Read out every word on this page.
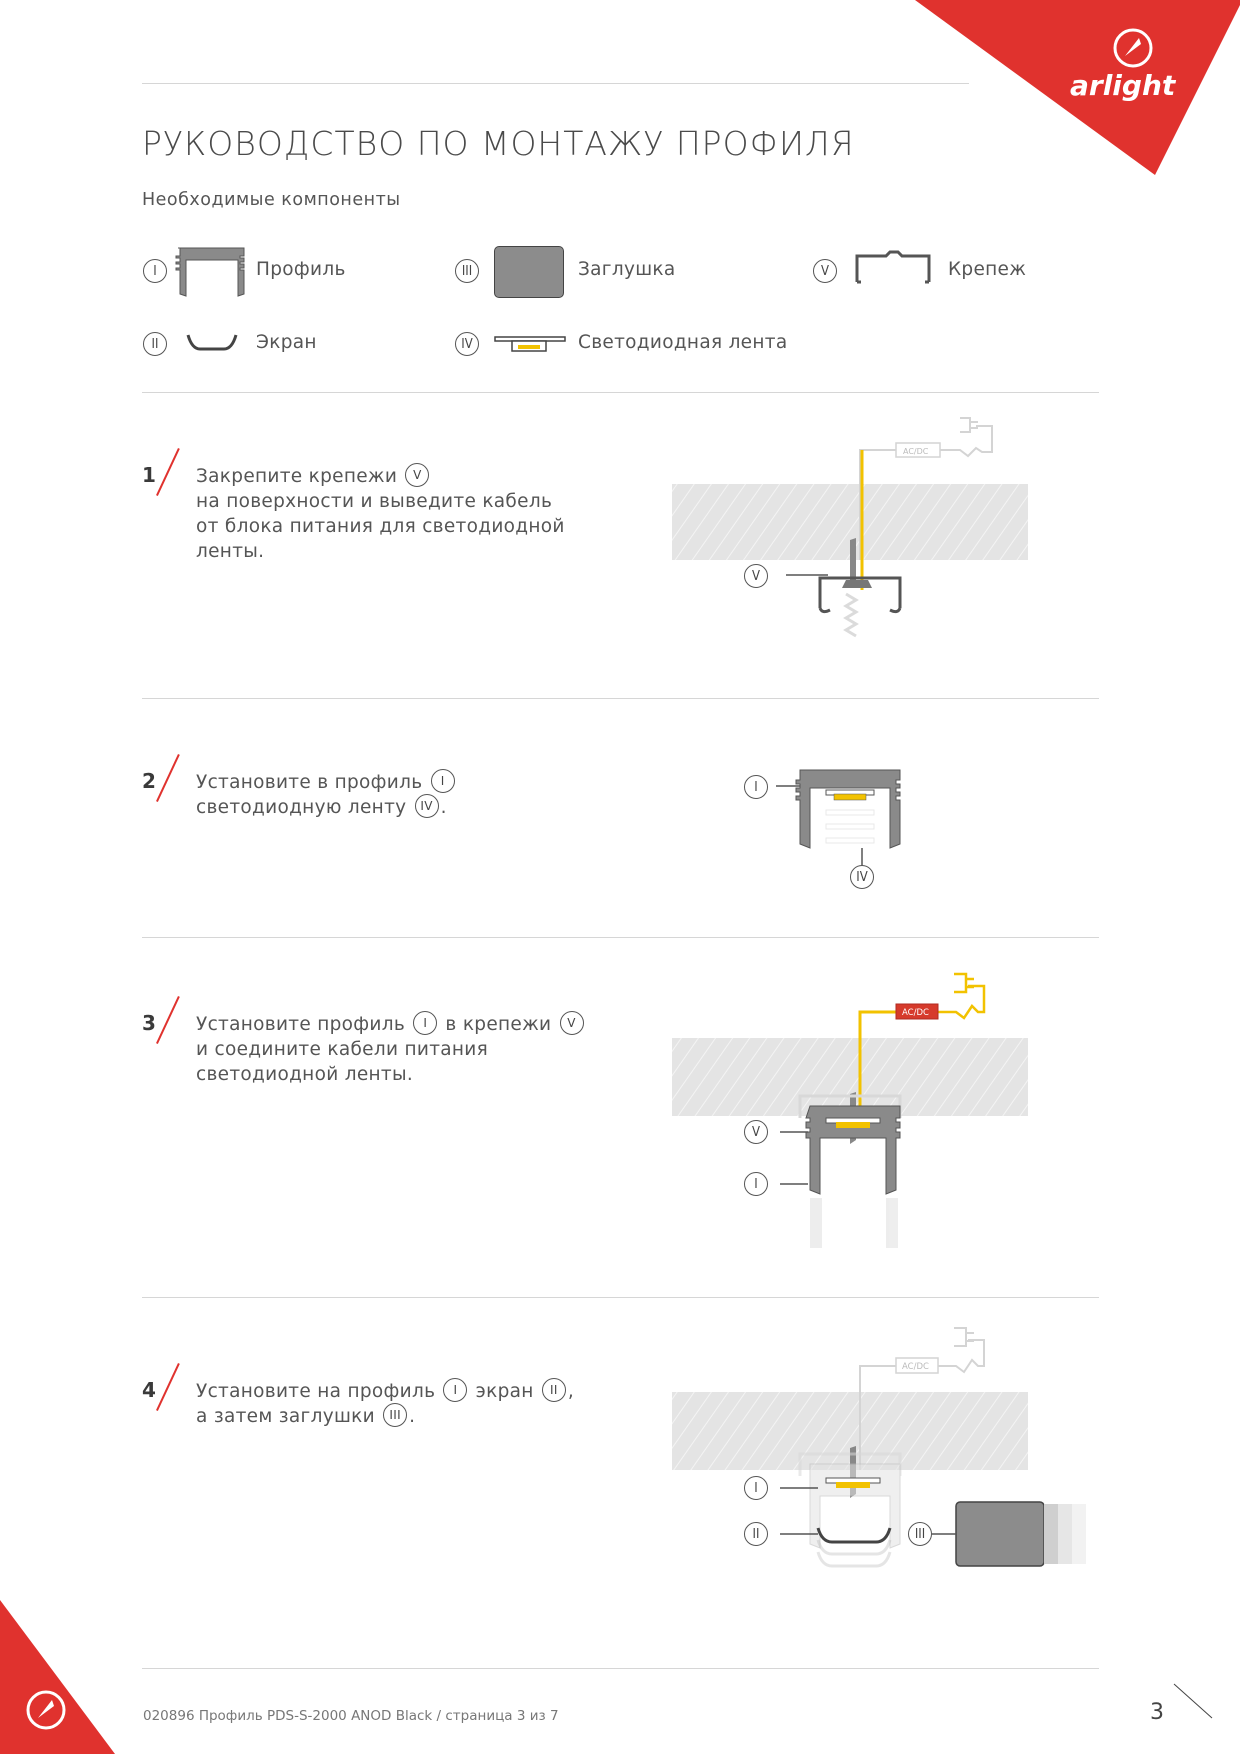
arlight
РУКОВОДСТВО ПО МОНТАЖУ ПРОФИЛЯ
Необходимые компоненты
I	Профиль	III	Заглушка	V	Крепеж
II	Экран	IV	Светодиодная лента
1 Закрепите крепежи V
на поверхности и выведите кабель
от блока питания для светодиодной
ленты.
AC/DC
V
2 Установите в профиль I
светодиодную ленту IV .
I
IV
3 Установите профиль I в крепежи V
и соедините кабели питания
светодиодной ленты.
AC/DC
V
I
4 Установите на профиль I экран II ,
а затем заглушки III .
AC/DC
I
II	III
020896 Профиль PDS-S-2000 ANOD Black / страница 3 из 7	3
